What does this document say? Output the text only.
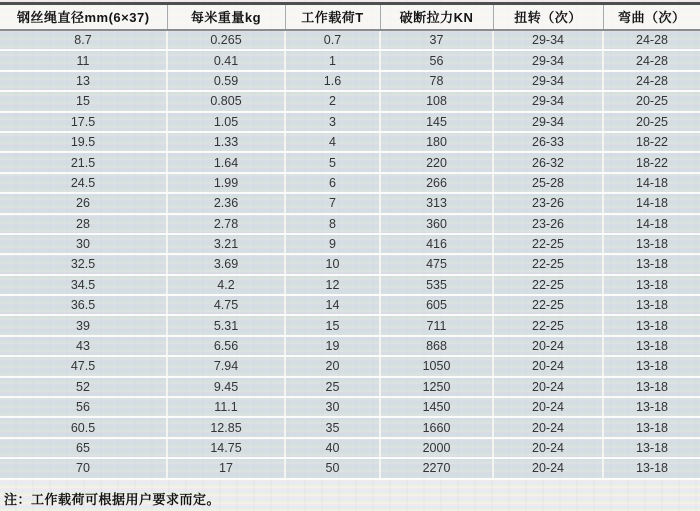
钢丝绳直径mm(6×37)	每米重量kg	工作载荷T	破断拉力KN	扭转（次）	弯曲（次）
8.7	0.265	0.7	37	29-34	24-28
11	0.41	1	56	29-34	24-28
13	0.59	1.6	78	29-34	24-28
15	0.805	2	108	29-34	20-25
17.5	1.05	3	145	29-34	20-25
19.5	1.33	4	180	26-33	18-22
21.5	1.64	5	220	26-32	18-22
24.5	1.99	6	266	25-28	14-18
26	2.36	7	313	23-26	14-18
28	2.78	8	360	23-26	14-18
30	3.21	9	416	22-25	13-18
32.5	3.69	10	475	22-25	13-18
34.5	4.2	12	535	22-25	13-18
36.5	4.75	14	605	22-25	13-18
39	5.31	15	711	22-25	13-18
43	6.56	19	868	20-24	13-18
47.5	7.94	20	1050	20-24	13-18
52	9.45	25	1250	20-24	13-18
56	11.1	30	1450	20-24	13-18
60.5	12.85	35	1660	20-24	13-18
65	14.75	40	2000	20-24	13-18
70	17	50	2270	20-24	13-18
注：工作载荷可根据用户要求而定。
